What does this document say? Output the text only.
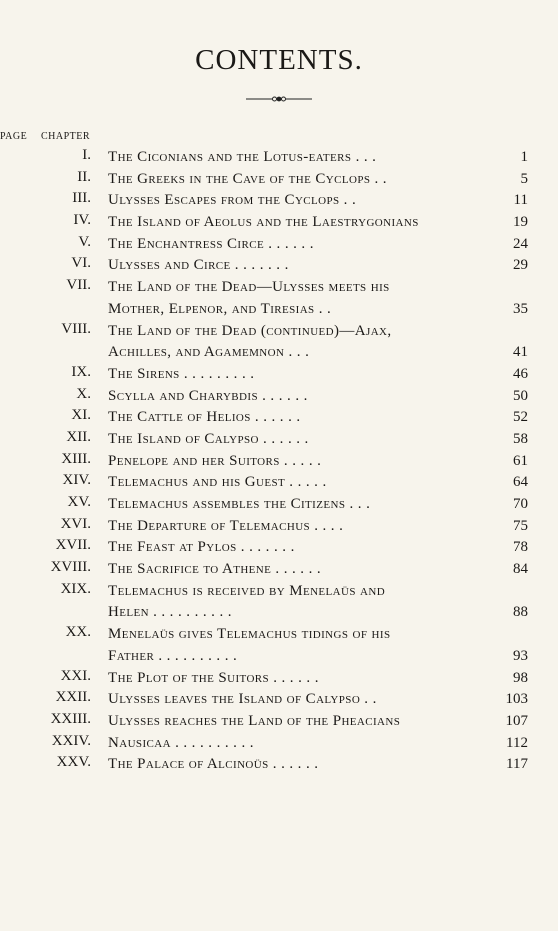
CONTENTS.
CHAPTER
PAGE
I. The Ciconians and the Lotus-eaters . . .	1
II. The Greeks in the Cave of the Cyclops . .	5
III. Ulysses Escapes from the Cyclops . .	11
IV. The Island of Aeolus and the Laestrygonians	19
V. The Enchantress Circe . . . . . .	24
VI. Ulysses and Circe . . . . . . .	29
VII. The Land of the Dead—Ulysses meets his
Mother, Elpenor, and Tiresias . .	35
VIII. The Land of the Dead (continued)—Ajax,
Achilles, and Agamemnon . . .	41
IX. The Sirens . . . . . . . . .	46
X. Scylla and Charybdis . . . . . .	50
XI. The Cattle of Helios . . . . . .	52
XII. The Island of Calypso . . . . . .	58
XIII. Penelope and her Suitors . . . . .	61
XIV. Telemachus and his Guest . . . . .	64
XV. Telemachus assembles the Citizens . . .	70
XVI. The Departure of Telemachus . . . .	75
XVII. The Feast at Pylos . . . . . . .	78
XVIII. The Sacrifice to Athene . . . . . .	84
XIX. Telemachus is received by Menelaüs and
Helen . . . . . . . . . .	88
XX. Menelaüs gives Telemachus tidings of his
Father . . . . . . . . . .	93
XXI. The Plot of the Suitors . . . . . .	98
XXII. Ulysses leaves the Island of Calypso . .	103
XXIII. Ulysses reaches the Land of the Pheacians	107
XXIV. Nausicaa . . . . . . . . . .	112
XXV. The Palace of Alcinoüs . . . . . .	117
